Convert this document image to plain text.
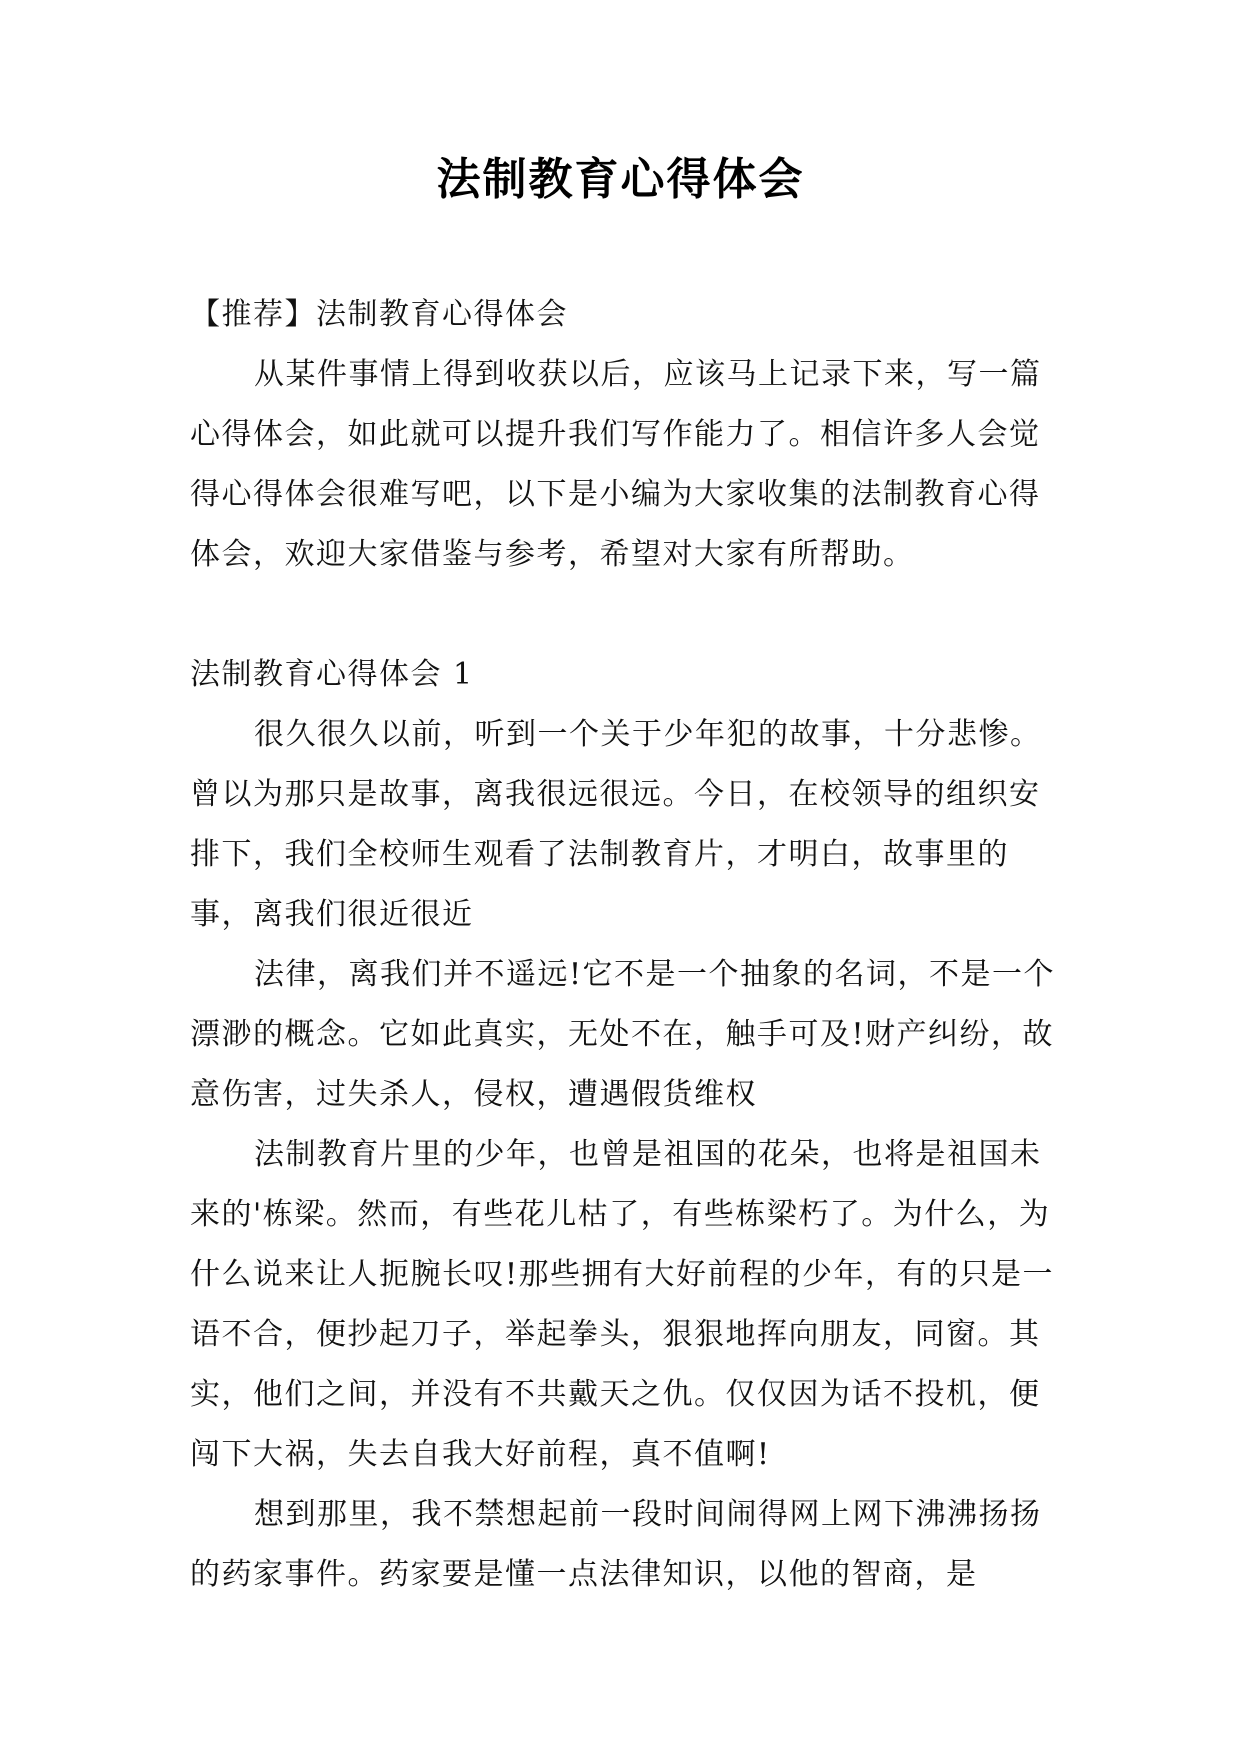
法制教育心得体会

【推荐】法制教育心得体会

从某件事情上得到收获以后，应该马上记录下来，写一篇心得体会，如此就可以提升我们写作能力了。相信许多人会觉得心得体会很难写吧，以下是小编为大家收集的法制教育心得体会，欢迎大家借鉴与参考，希望对大家有所帮助。

法制教育心得体会 1

很久很久以前，听到一个关于少年犯的故事，十分悲惨。曾以为那只是故事，离我很远很远。今日，在校领导的组织安排下，我们全校师生观看了法制教育片，才明白，故事里的事，离我们很近很近

法律，离我们并不遥远!它不是一个抽象的名词，不是一个漂渺的概念。它如此真实，无处不在，触手可及!财产纠纷，故意伤害，过失杀人，侵权，遭遇假货维权

法制教育片里的少年，也曾是祖国的花朵，也将是祖国未来的'栋梁。然而，有些花儿枯了，有些栋梁朽了。为什么，为什么说来让人扼腕长叹!那些拥有大好前程的少年，有的只是一语不合，便抄起刀子，举起拳头，狠狠地挥向朋友，同窗。其实，他们之间，并没有不共戴天之仇。仅仅因为话不投机，便闯下大祸，失去自我大好前程，真不值啊!

想到那里，我不禁想起前一段时间闹得网上网下沸沸扬扬的药家事件。药家要是懂一点法律知识，以他的智商，是
